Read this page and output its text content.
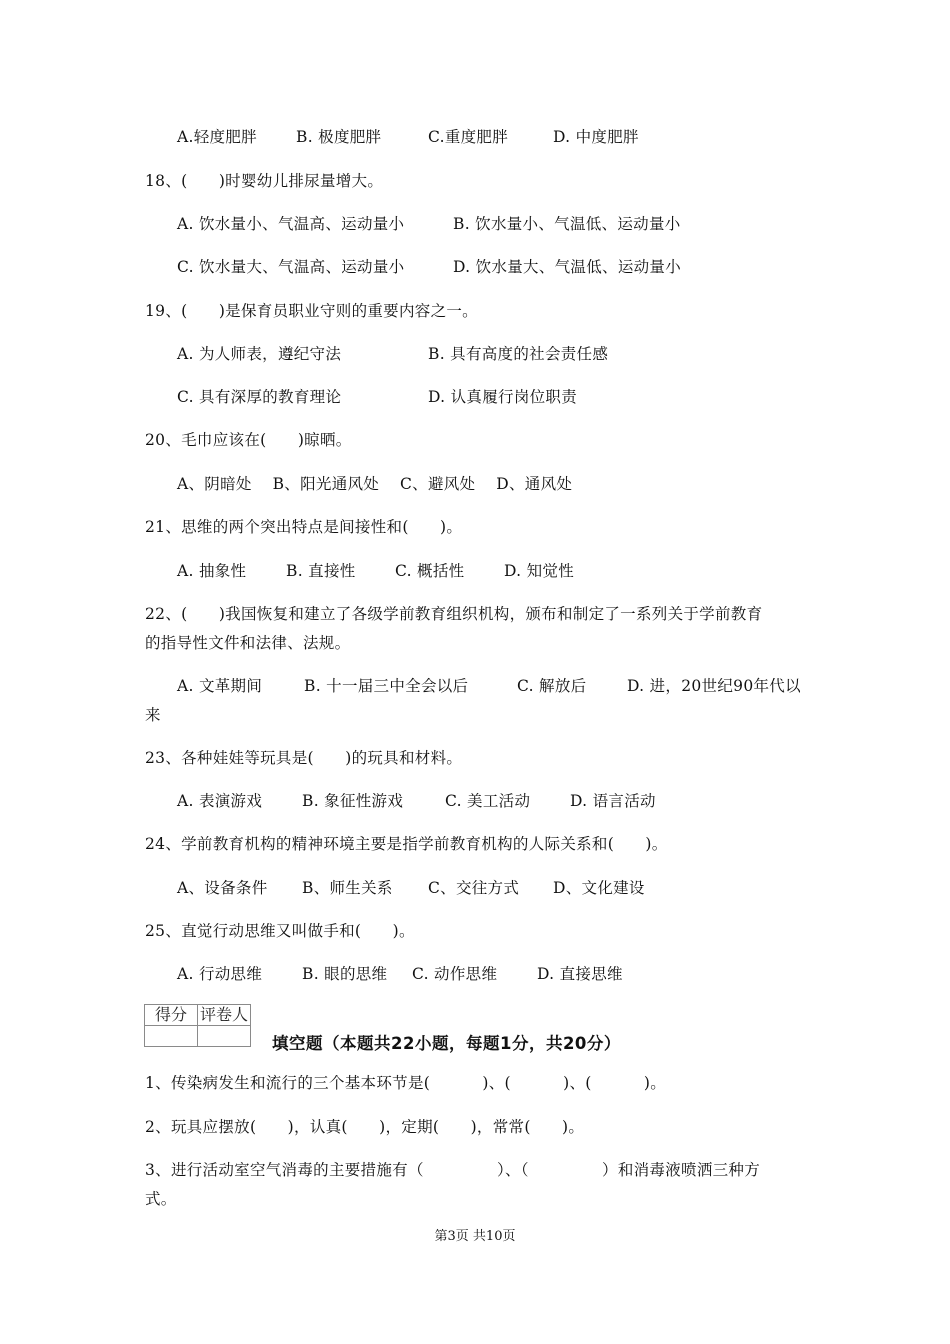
A.轻度肥胖

	B. 极度肥胖

	C.重度肥胖

	D. 中度肥胖

18、(      )时婴幼儿排尿量增大。

A. 饮水量小、气温高、运动量小

	B. 饮水量小、气温低、运动量小

C. 饮水量大、气温高、运动量小

	D. 饮水量大、气温低、运动量小

19、(      )是保育员职业守则的重要内容之一。

A. 为人师表，遵纪守法

	B. 具有高度的社会责任感

C. 具有深厚的教育理论

	D. 认真履行岗位职责

20、毛巾应该在(      )晾晒。
A、阴暗处    B、阳光通风处    C、避风处    D、通风处
21、思维的两个突出特点是间接性和(      )。

A. 抽象性

	B. 直接性

	C. 概括性

	D. 知觉性

22、(      )我国恢复和建立了各级学前教育组织机构，颁布和制定了一系列关于学前教育
的指导性文件和法律、法规。

A. 文革期间

	B. 十一届三中全会以后

	C. 解放后

	D. 进，20世纪90年代以

来
23、各种娃娃等玩具是(      )的玩具和材料。

A. 表演游戏

	B. 象征性游戏

	C. 美工活动

	D. 语言活动

24、学前教育机构的精神环境主要是指学前教育机构的人际关系和(      )。

A、设备条件

B、师生关系

C、交往方式

D、文化建设

25、直觉行动思维又叫做手和(      )。

A. 行动思维

	B. 眼的思维

C. 动作思维

	D. 直接思维

得分	评卷人

填空题（本题共22小题，每题1分，共20分）
1、传染病发生和流行的三个基本环节是(          )、(          )、(          )。
2、玩具应摆放(      )，认真(      )，定期(      )，常常(      )。
3、进行活动室空气消毒的主要措施有（              ）、（              ）和消毒液喷洒三种方
式。
第3页 共10页
